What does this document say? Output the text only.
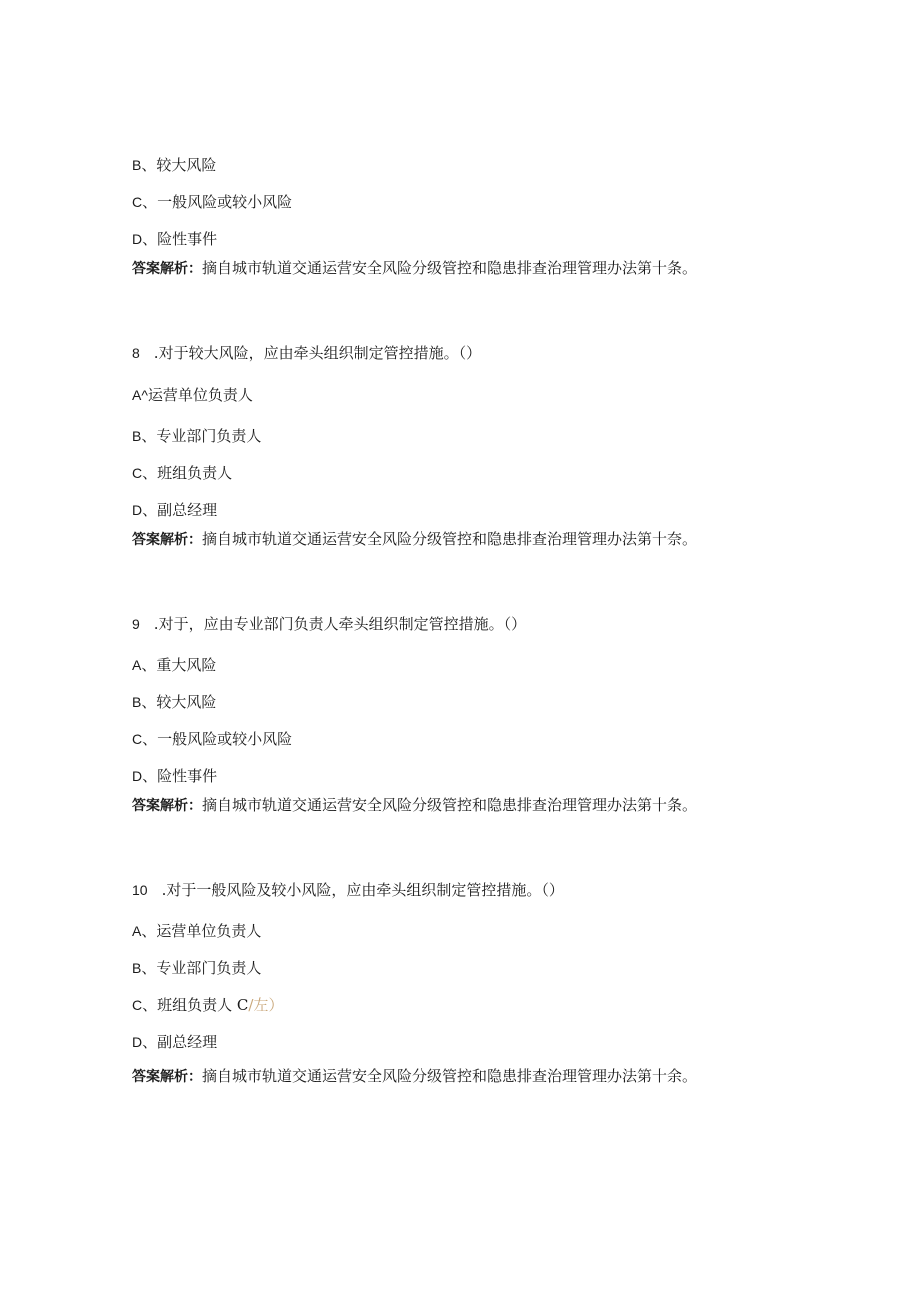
B、较大风险
C、一般风险或较小风险
D、险性事件
答案解析：摘自城市轨道交通运营安全风险分级管控和隐患排查治理管理办法第十条。
8 .对于较大风险，应由牵头组织制定管控措施。（）
A^运营单位负责人
B、专业部门负责人
C、班组负责人
D、副总经理
答案解析：摘自城市轨道交通运营安全风险分级管控和隐患排查治理管理办法第十奈。
9 .对于，应由专业部门负责人牵头组织制定管控措施。（）
A、重大风险
B、较大风险
C、一般风险或较小风险
D、险性事件
答案解析：摘自城市轨道交通运营安全风险分级管控和隐患排查治理管理办法第十条。
10 .对于一般风险及较小风险，应由牵头组织制定管控措施。（）
A、运营单位负责人
B、专业部门负责人
C、班组负责人 C/左）
D、副总经理
答案解析：摘自城市轨道交通运营安全风险分级管控和隐患排查治理管理办法第十余。
